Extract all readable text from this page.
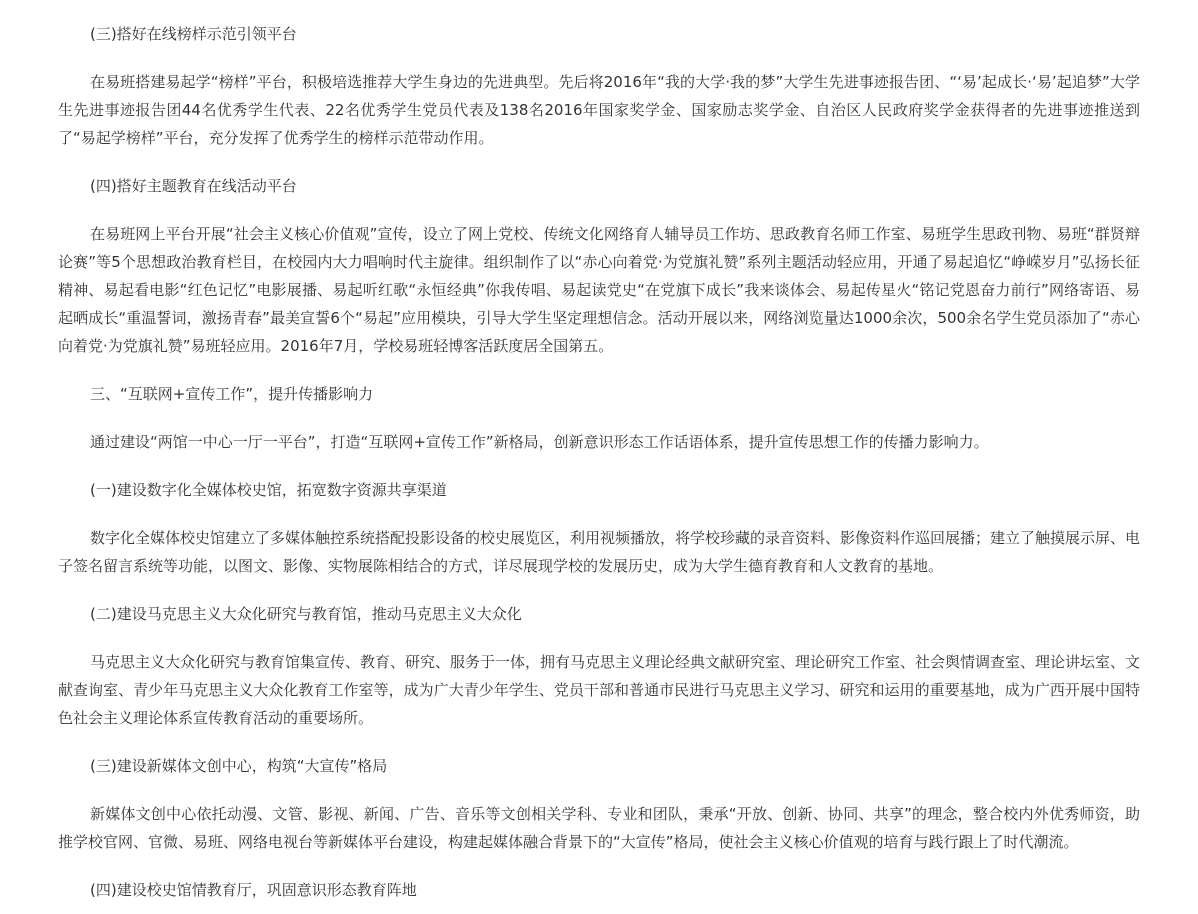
(三)搭好在线榜样示范引领平台

在易班搭建易起学“榜样”平台，积极培选推荐大学生身边的先进典型。先后将2016年“我的大学·我的梦”大学生先进事迹报告团、“‘易’起成长·‘易’起追梦”大学生先进事迹报告团44名优秀学生代表、22名优秀学生党员代表及138名2016年国家奖学金、国家励志奖学金、自治区人民政府奖学金获得者的先进事迹推送到了“易起学榜样”平台，充分发挥了优秀学生的榜样示范带动作用。

(四)搭好主题教育在线活动平台

在易班网上平台开展“社会主义核心价值观”宣传，设立了网上党校、传统文化网络育人辅导员工作坊、思政教育名师工作室、易班学生思政刊物、易班“群贤辩论赛”等5个思想政治教育栏目，在校园内大力唱响时代主旋律。组织制作了以“赤心向着党·为党旗礼赞”系列主题活动轻应用，开通了易起追忆“峥嵘岁月”弘扬长征精神、易起看电影“红色记忆”电影展播、易起听红歌“永恒经典”你我传唱、易起读党史“在党旗下成长”我来谈体会、易起传星火“铭记党恩奋力前行”网络寄语、易起晒成长“重温誓词，激扬青春”最美宣誓6个“易起”应用模块，引导大学生坚定理想信念。活动开展以来，网络浏览量达1000余次，500余名学生党员添加了“赤心向着党·为党旗礼赞”易班轻应用。2016年7月，学校易班轻博客活跃度居全国第五。

三、“互联网+宣传工作”，提升传播影响力

通过建设“两馆一中心一厅一平台”，打造“互联网+宣传工作”新格局，创新意识形态工作话语体系，提升宣传思想工作的传播力影响力。

(一)建设数字化全媒体校史馆，拓宽数字资源共享渠道

数字化全媒体校史馆建立了多媒体触控系统搭配投影设备的校史展览区，利用视频播放，将学校珍藏的录音资料、影像资料作巡回展播；建立了触摸展示屏、电子签名留言系统等功能，以图文、影像、实物展陈相结合的方式，详尽展现学校的发展历史，成为大学生德育教育和人文教育的基地。

(二)建设马克思主义大众化研究与教育馆，推动马克思主义大众化

马克思主义大众化研究与教育馆集宣传、教育、研究、服务于一体，拥有马克思主义理论经典文献研究室、理论研究工作室、社会舆情调查室、理论讲坛室、文献查询室、青少年马克思主义大众化教育工作室等，成为广大青少年学生、党员干部和普通市民进行马克思主义学习、研究和运用的重要基地，成为广西开展中国特色社会主义理论体系宣传教育活动的重要场所。

(三)建设新媒体文创中心，构筑“大宣传”格局

新媒体文创中心依托动漫、文管、影视、新闻、广告、音乐等文创相关学科、专业和团队，秉承“开放、创新、协同、共享”的理念，整合校内外优秀师资，助推学校官网、官微、易班、网络电视台等新媒体平台建设，构建起媒体融合背景下的“大宣传”格局，使社会主义核心价值观的培育与践行跟上了时代潮流。

(四)建设校史馆情教育厅，巩固意识形态教育阵地
